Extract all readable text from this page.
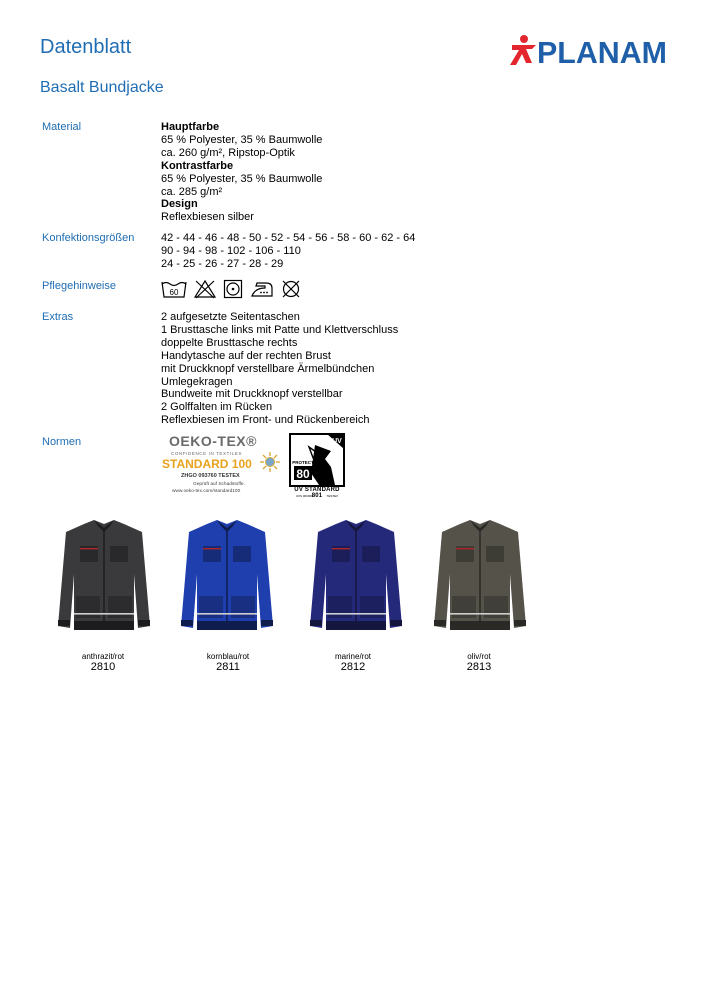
Datenblatt
Basalt Bundjacke
PLANAM
Material	Hauptfarbe
65 % Polyester, 35 % Baumwolle
ca. 260 g/m², Ripstop-Optik
Kontrastfarbe
65 % Polyester, 35 % Baumwolle
ca. 285 g/m²
Design
Reflexbiesen silber
Konfektionsgrößen 42 - 44 - 46 - 48 - 50 - 52 - 54 - 56 - 58 - 60 - 62 - 64
90 - 94 - 98 - 102 - 106 - 110
24 - 25 - 26 - 27 - 28 - 29
Pflegehinweise
60
Extras	2 aufgesetzte Seitentaschen
1 Brusttasche links mit Patte und Klettverschluss
doppelte Brusttasche rechts
Handytasche auf der rechten Brust
mit Druckknopf verstellbare Ärmelbündchen
Umlegekragen
Bundweite mit Druckknopf verstellbar
2 Golffalten im Rücken
Reflexbiesen im Front- und Rückenbereich
Normen	OEKO-TEX®
CONFIDENCE IN TEXTILES
STANDARD 100
ZHGO 093760 TESTEX
Geprüft auf Schadstoffe.
www.oeko-tex.com/standard100
UV
PROTECT
80
UV STANDARD 801
UVS 000000	TESTEX
anthrazit/rot
2810
kornblau/rot
2811
marine/rot
2812
oliv/rot
2813
